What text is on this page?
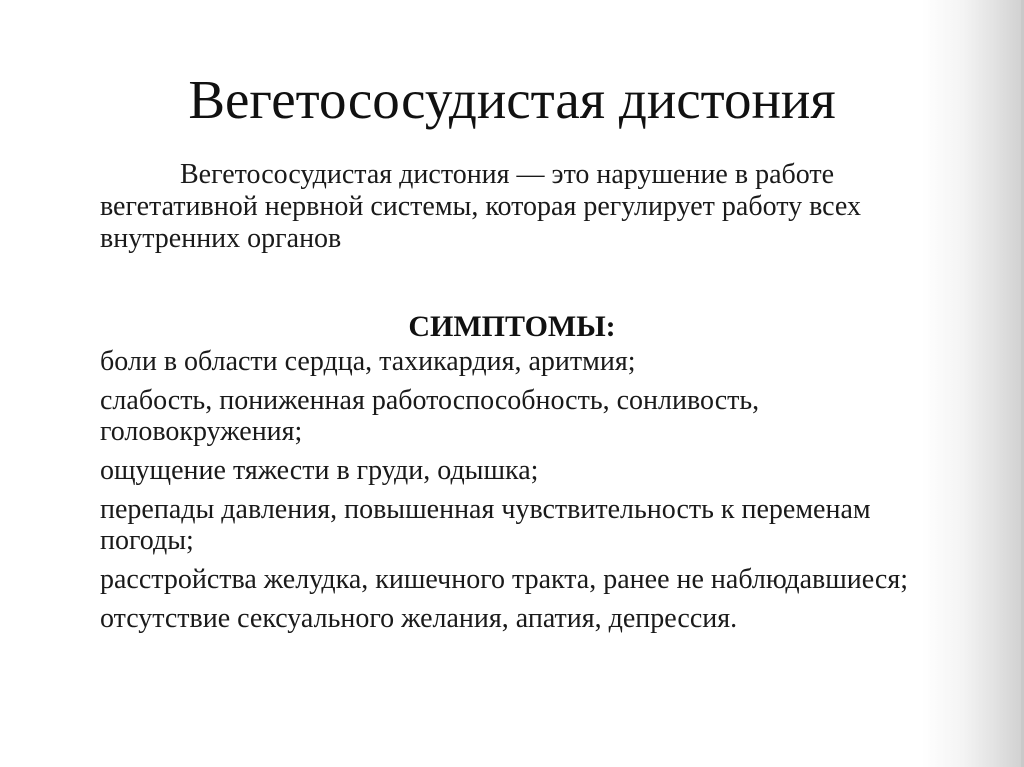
Вегетососудистая дистония

Вегетососудистая дистония — это нарушение в работе вегетативной нервной системы, которая регулирует работу всех внутренних органов

СИМПТОМЫ:
боли в области сердца, тахикардия, аритмия;
слабость, пониженная работоспособность, сонливость, головокружения;
ощущение тяжести в груди, одышка;
перепады давления, повышенная чувствительность к переменам погоды;
расстройства желудка, кишечного тракта, ранее не наблюдавшиеся;
отсутствие сексуального желания, апатия, депрессия.
